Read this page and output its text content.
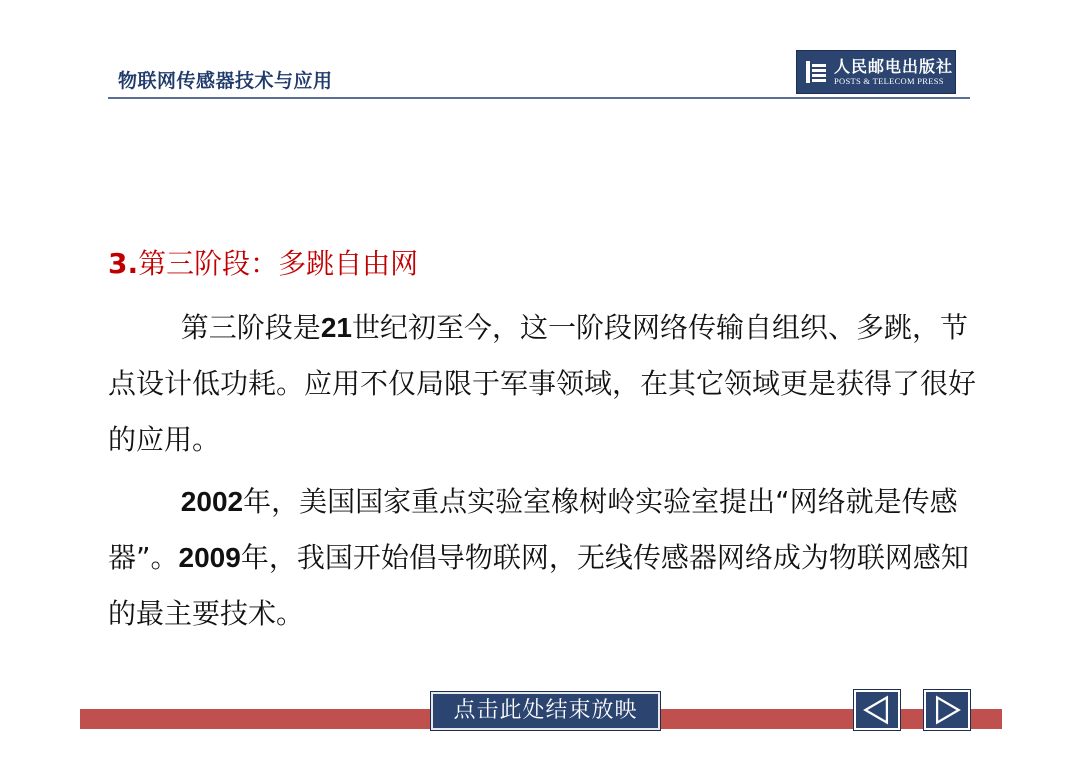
物联网传感器技术与应用
人民邮电出版社
POSTS & TELECOM PRESS
3.第三阶段：多跳自由网

第三阶段是21世纪初至今，这一阶段网络传输自组织、多跳，节点设计低功耗。应用不仅局限于军事领域，在其它领域更是获得了很好的应用。

2002年，美国国家重点实验室橡树岭实验室提出“网络就是传感器”。2009年，我国开始倡导物联网，无线传感器网络成为物联网感知的最主要技术。

点击此处结束放映
